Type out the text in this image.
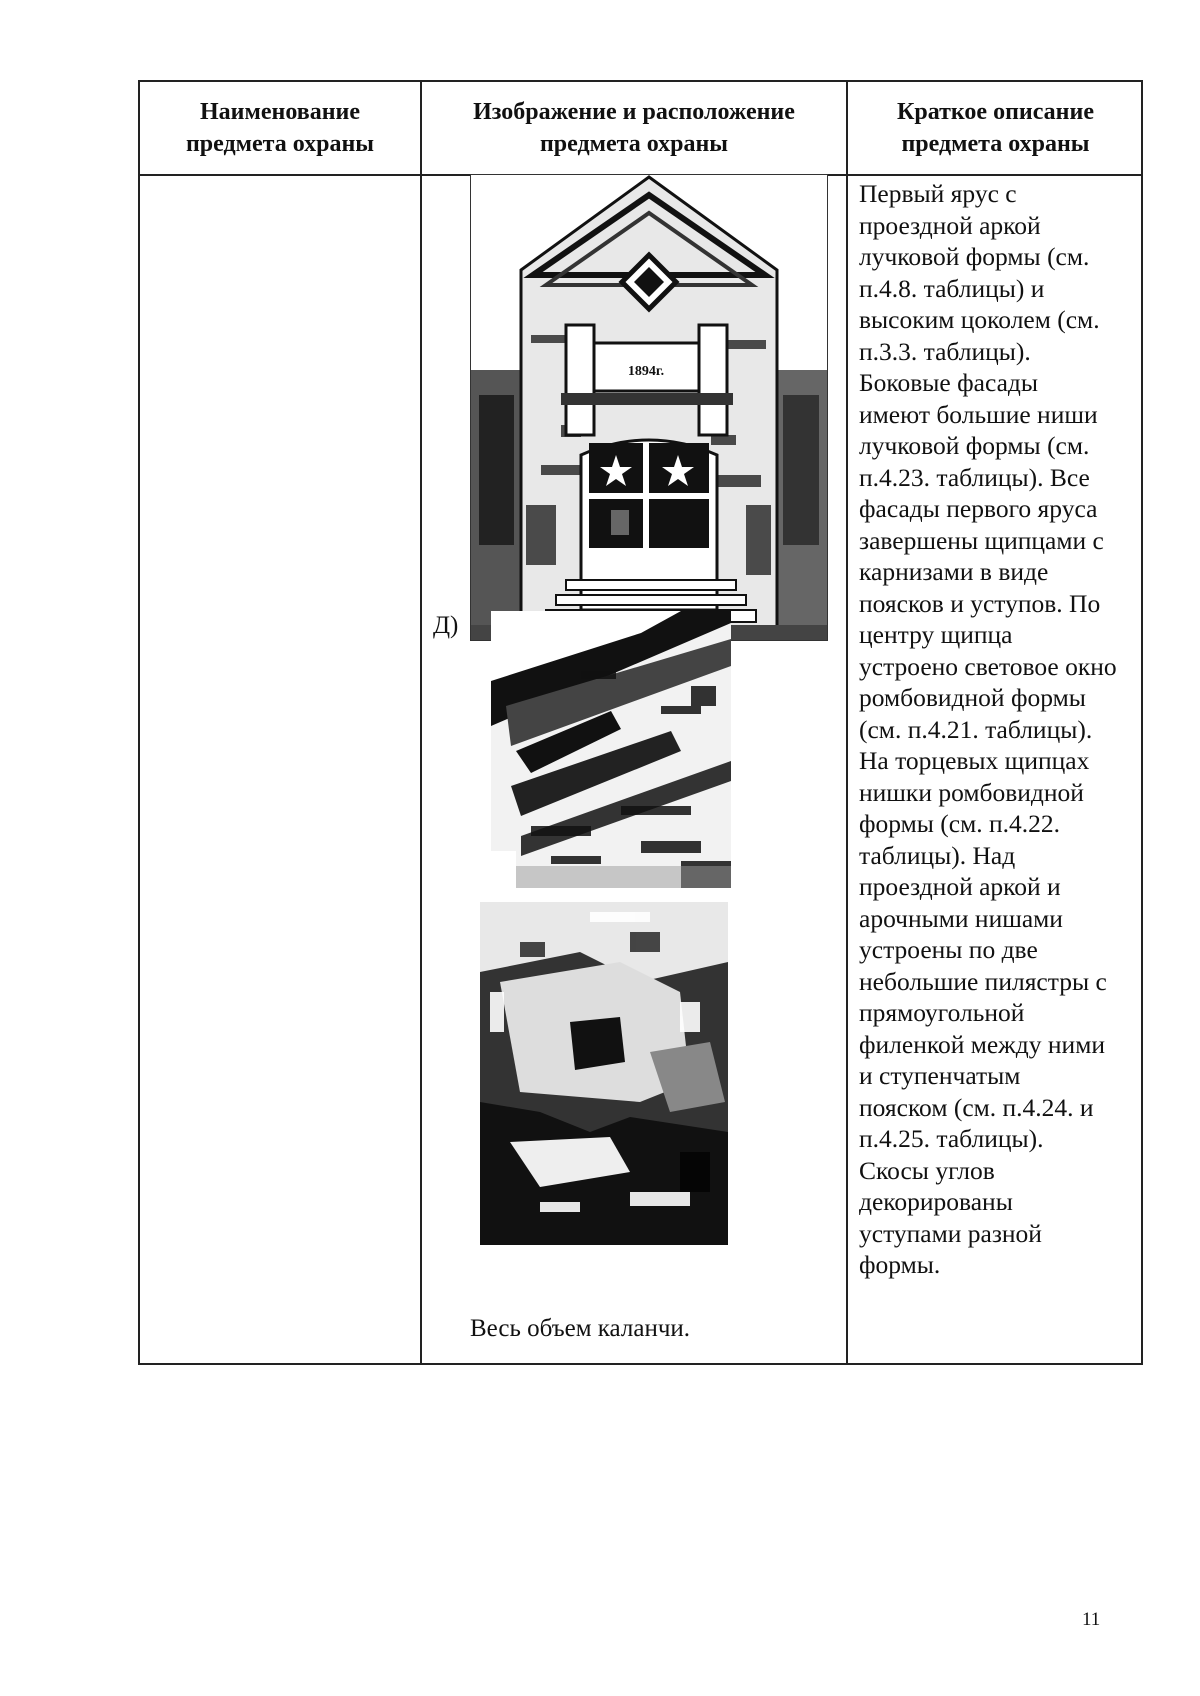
Наименование
предмета охраны
Изображение и расположение
предмета охраны
Краткое описание
предмета охраны
1894г.
Д)
Весь объем каланчи.
Первый ярус с
проездной аркой
лучковой формы (см.
п.4.8. таблицы) и
высоким цоколем (см.
п.3.3. таблицы).
Боковые фасады
имеют большие ниши
лучковой формы (см.
п.4.23. таблицы). Все
фасады первого яруса
завершены щипцами с
карнизами в виде
поясков и уступов. По
центру щипца
устроено световое окно
ромбовидной формы
(см. п.4.21. таблицы).
На торцевых щипцах
нишки ромбовидной
формы (см. п.4.22.
таблицы). Над
проездной аркой и
арочными нишами
устроены по две
небольшие пилястры с
прямоугольной
филенкой между ними
и ступенчатым
пояском (см. п.4.24. и
п.4.25. таблицы).
Скосы углов
декорированы
уступами разной
формы.
11
